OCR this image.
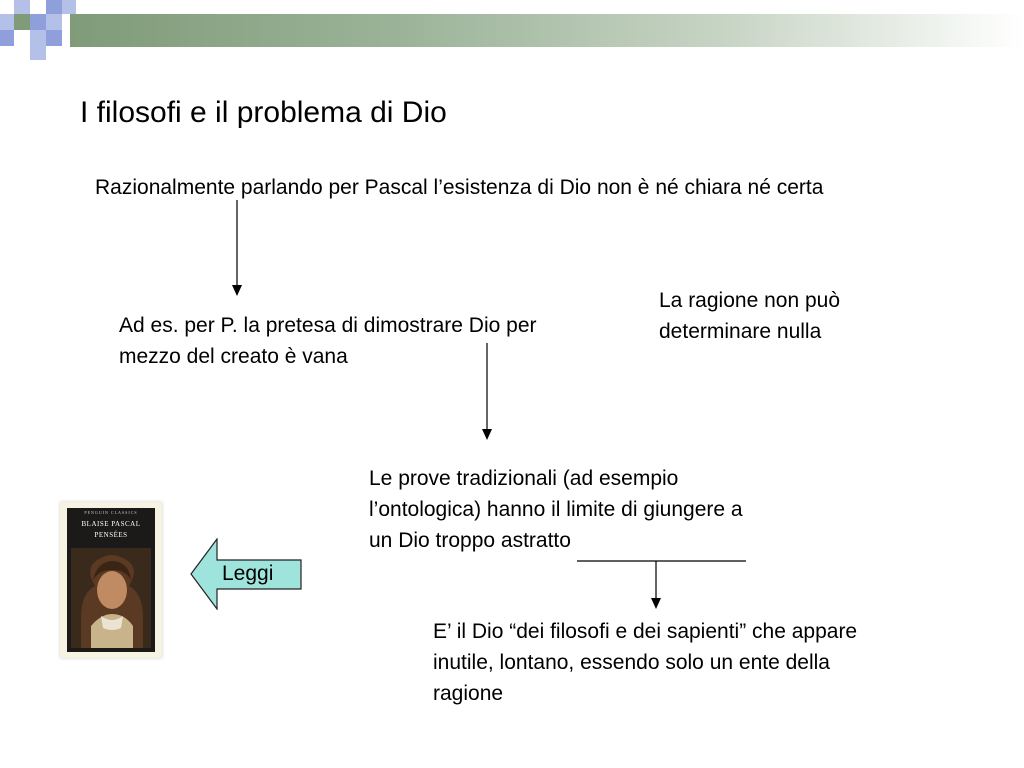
I filosofi e il problema di Dio
Razionalmente parlando per Pascal l’esistenza di Dio non è né chiara né certa
Ad es. per P. la pretesa di dimostrare Dio per mezzo del creato è vana
La ragione non può determinare nulla
Le prove tradizionali (ad esempio l’ontologica) hanno il limite di giungere a un Dio troppo astratto
E’ il Dio “dei filosofi e dei sapienti” che appare inutile, lontano, essendo solo un ente della ragione
Leggi
PENGUIN CLASSICS
BLAISE PASCAL
PENSÉES
